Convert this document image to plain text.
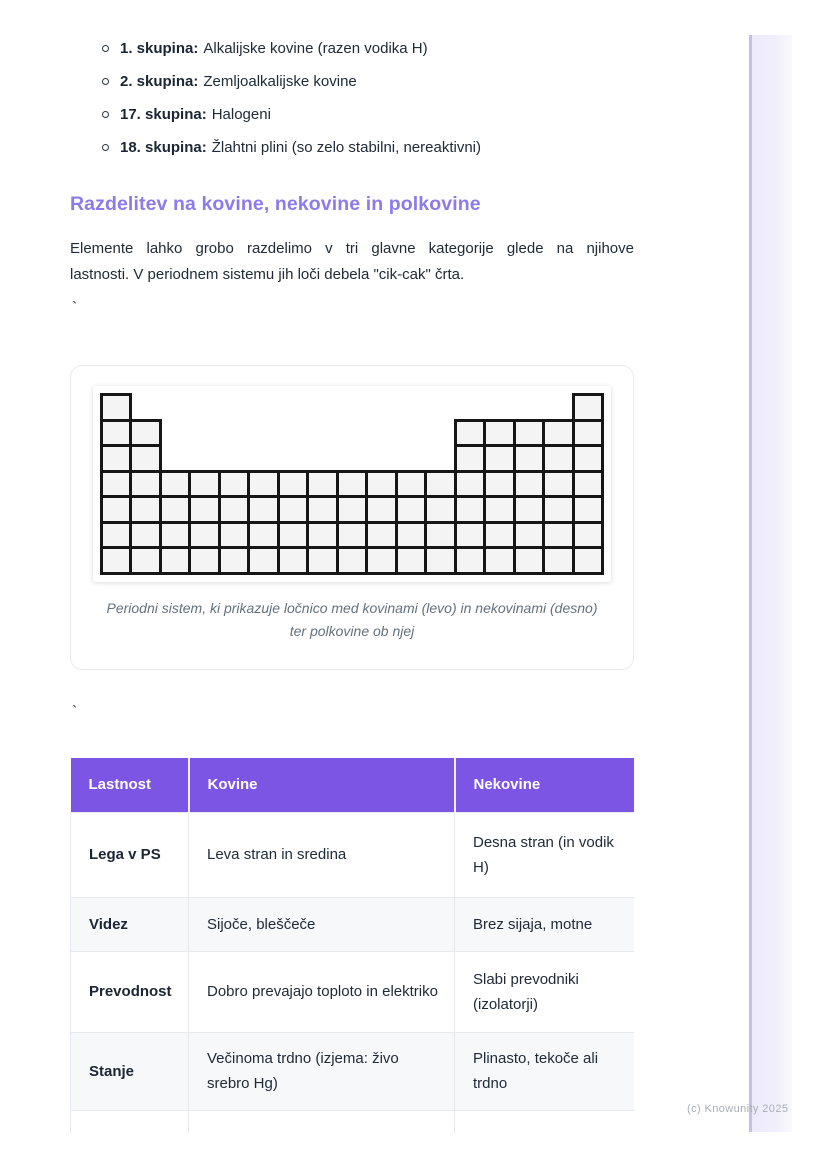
(c) Knowunity 2025
1. skupina: Alkalijske kovine (razen vodika H)
2. skupina: Zemljoalkalijske kovine
17. skupina: Halogeni
18. skupina: Žlahtni plini (so zelo stabilni, nereaktivni)
Razdelitev na kovine, nekovine in polkovine
Elemente lahko grobo razdelimo v tri glavne kategorije glede na njihove
lastnosti. V periodnem sistemu jih loči debela "cik-cak" črta.
`

Periodni sistem, ki prikazuje ločnico med kovinami (levo) in nekovinami (desno) ter polkovine ob njej
`
Lastnost	Kovine	Nekovine
Lega v PS	Leva stran in sredina	Desna stran (in vodik H)
Videz	Sijoče, bleščeče	Brez sijaja, motne
Prevodnost	Dobro prevajajo toploto in elektriko	Slabi prevodniki (izolatorji)
Stanje	Večinoma trdno (izjema: živo srebro Hg)	Plinasto, tekoče ali trdno
